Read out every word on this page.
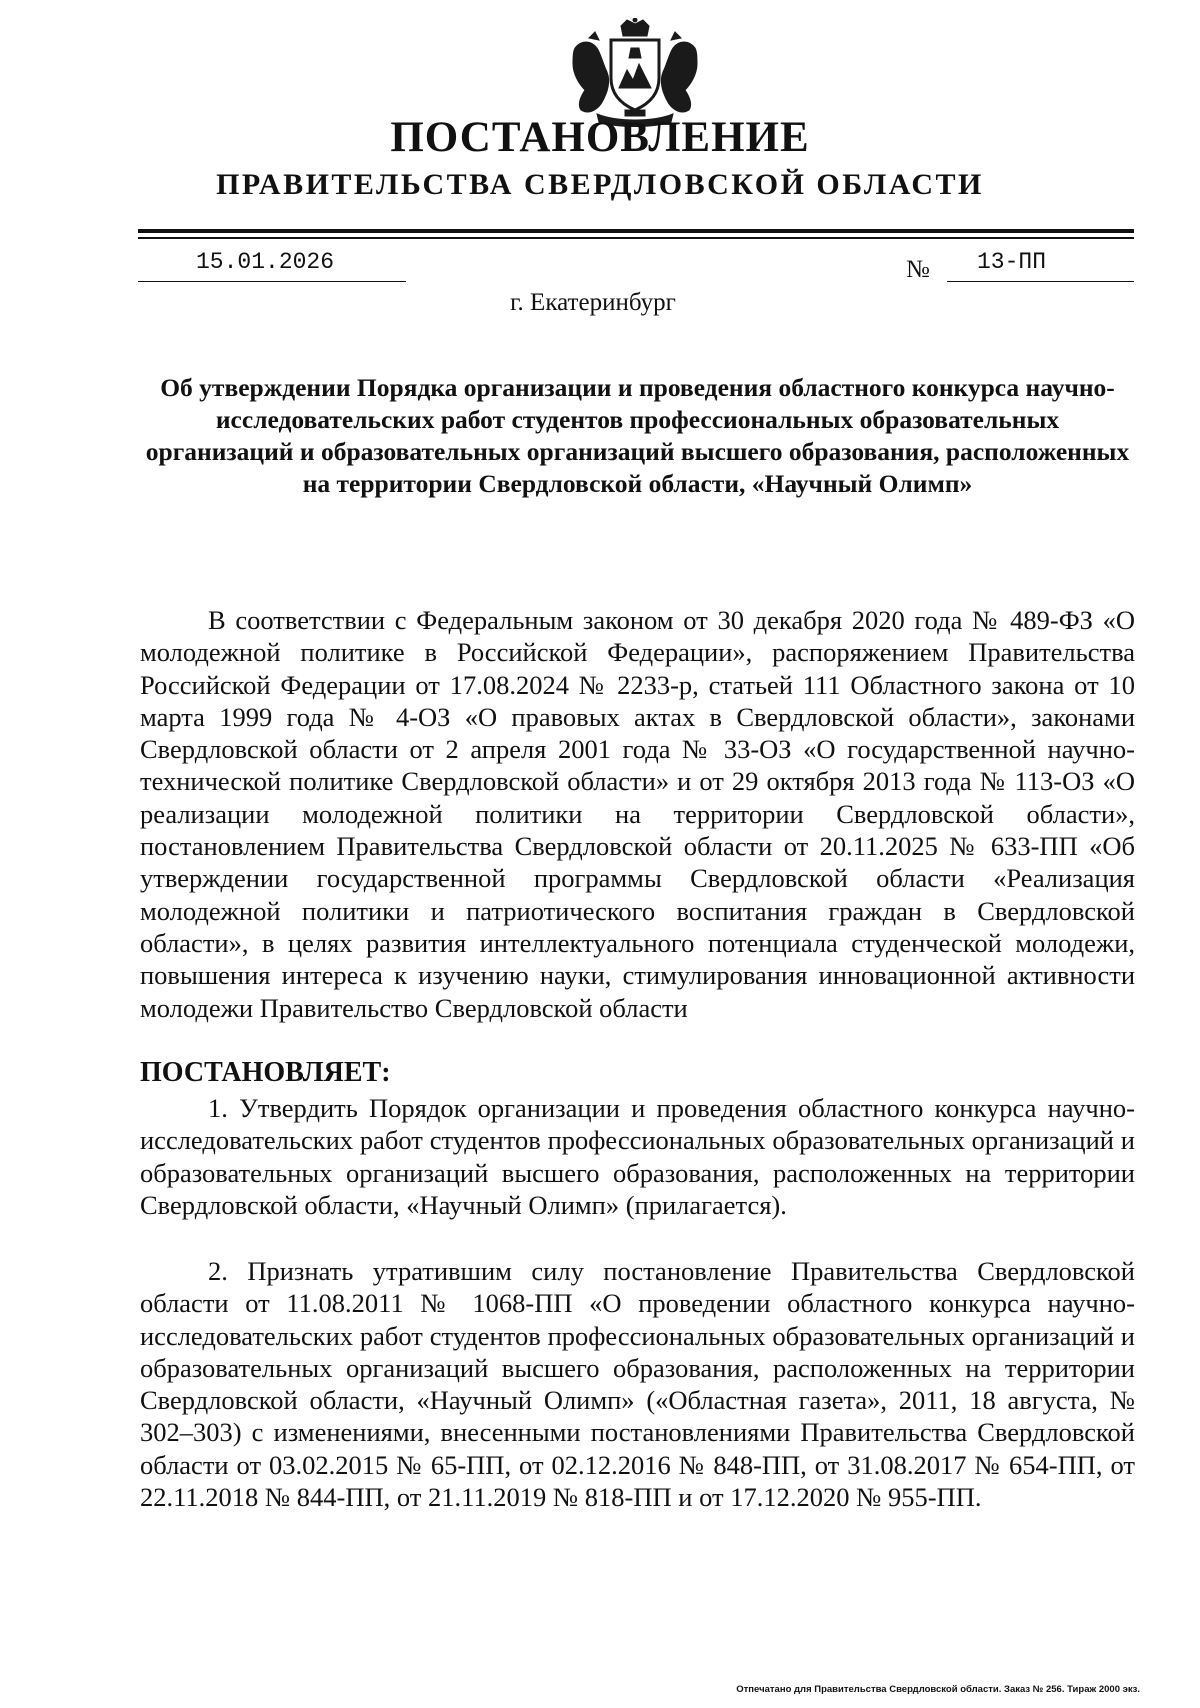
ПОСТАНОВЛЕНИЕ
ПРАВИТЕЛЬСТВА СВЕРДЛОВСКОЙ ОБЛАСТИ
15.01.2026	№ 13-ПП
г. Екатеринбург

Об утверждении Порядка организации и проведения областного конкурса научно-исследовательских работ студентов профессиональных образовательных организаций и образовательных организаций высшего образования, расположенных на территории Свердловской области, «Научный Олимп»

В соответствии с Федеральным законом от 30 декабря 2020 года № 489-ФЗ «О молодежной политике в Российской Федерации», распоряжением Правительства Российской Федерации от 17.08.2024 № 2233-р, статьей 111 Областного закона от 10 марта 1999 года № 4-ОЗ «О правовых актах в Свердловской области», законами Свердловской области от 2 апреля 2001 года № 33-ОЗ «О государственной научно-технической политике Свердловской области» и от 29 октября 2013 года № 113-ОЗ «О реализации молодежной политики на территории Свердловской области», постановлением Правительства Свердловской области от 20.11.2025 № 633-ПП «Об утверждении государственной программы Свердловской области «Реализация молодежной политики и патриотического воспитания граждан в Свердловской области», в целях развития интеллектуального потенциала студенческой молодежи, повышения интереса к изучению науки, стимулирования инновационной активности молодежи Правительство Свердловской области

ПОСТАНОВЛЯЕТ:

1. Утвердить Порядок организации и проведения областного конкурса научно-исследовательских работ студентов профессиональных образовательных организаций и образовательных организаций высшего образования, расположенных на территории Свердловской области, «Научный Олимп» (прилагается).

2. Признать утратившим силу постановление Правительства Свердловской области от 11.08.2011 № 1068-ПП «О проведении областного конкурса научно-исследовательских работ студентов профессиональных образовательных организаций и образовательных организаций высшего образования, расположенных на территории Свердловской области, «Научный Олимп» («Областная газета», 2011, 18 августа, № 302–303) с изменениями, внесенными постановлениями Правительства Свердловской области от 03.02.2015 № 65-ПП, от 02.12.2016 № 848-ПП, от 31.08.2017 № 654-ПП, от 22.11.2018 № 844-ПП, от 21.11.2019 № 818-ПП и от 17.12.2020 № 955-ПП.

Отпечатано для Правительства Свердловской области. Заказ № 256. Тираж 2000 экз.
